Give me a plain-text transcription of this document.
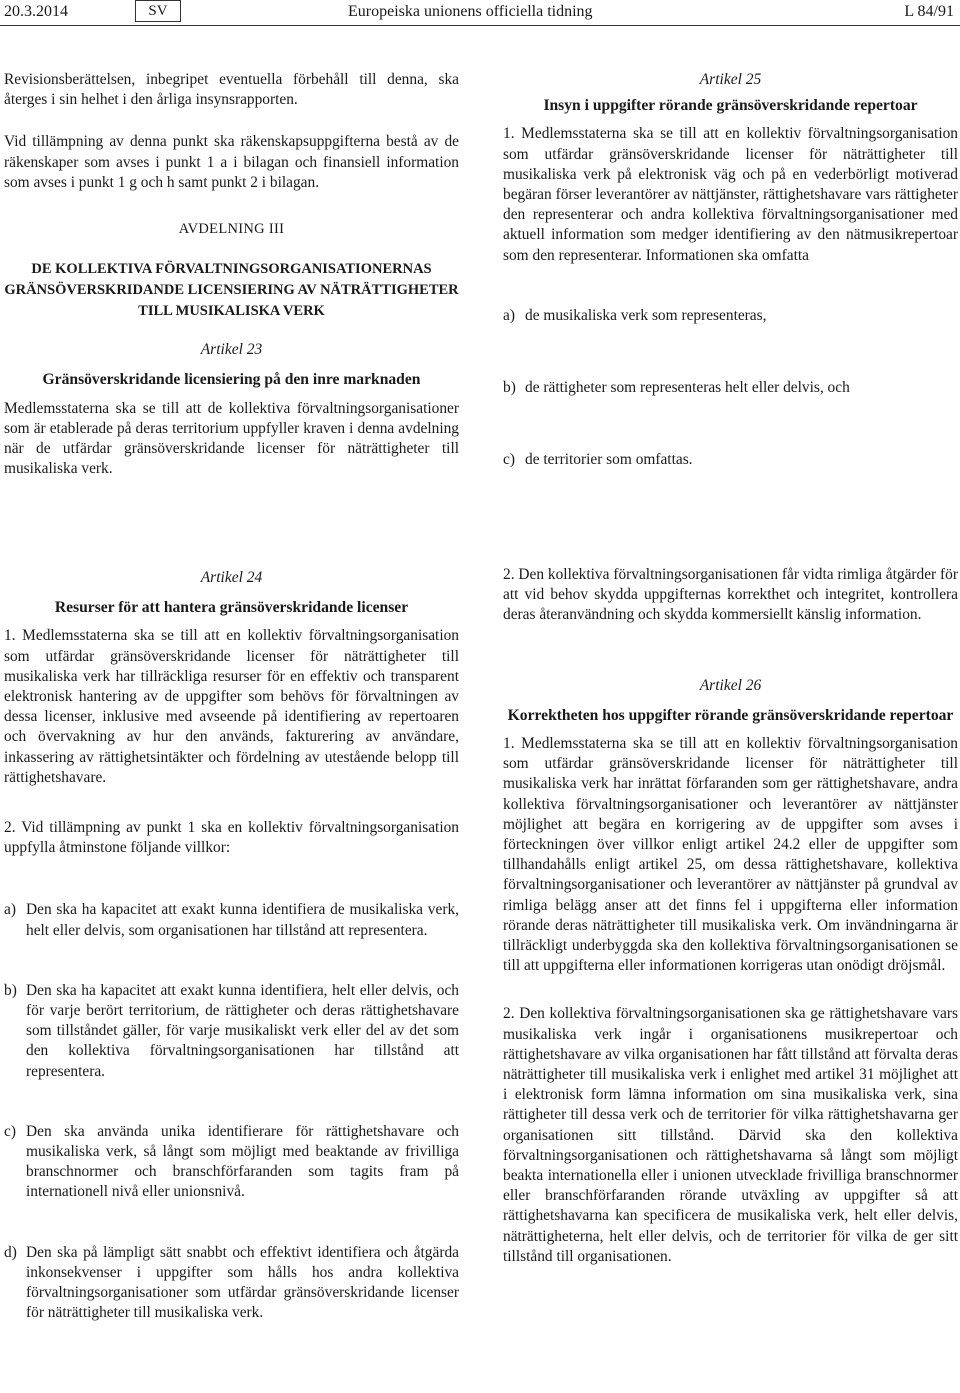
20.3.2014	SV	Europeiska unionens officiella tidning	L 84/91

Revisionsberättelsen, inbegripet eventuella förbehåll till denna, ska återges i sin helhet i den årliga insynsrapporten.

Vid tillämpning av denna punkt ska räkenskapsuppgifterna bestå av de räkenskaper som avses i punkt 1 a i bilagan och finansiell information som avses i punkt 1 g och h samt punkt 2 i bilagan.

AVDELNING III
DE KOLLEKTIVA FÖRVALTNINGSORGANISATIONERNAS GRÄNSÖVERSKRIDANDE LICENSIERING AV NÄTRÄTTIGHETER TILL MUSIKALISKA VERK
Artikel 23
Gränsöverskridande licensiering på den inre marknaden

Medlemsstaterna ska se till att de kollektiva förvaltningsorganisationer som är etablerade på deras territorium uppfyller kraven i denna avdelning när de utfärdar gränsöverskridande licenser för näträttigheter till musikaliska verk.

Artikel 25
Insyn i uppgifter rörande gränsöverskridande repertoar

1. Medlemsstaterna ska se till att en kollektiv förvaltningsorganisation som utfärdar gränsöverskridande licenser för näträttigheter till musikaliska verk på elektronisk väg och på en vederbörligt motiverad begäran förser leverantörer av nättjänster, rättighetshavare vars rättigheter den representerar och andra kollektiva förvaltningsorganisationer med aktuell information som medger identifiering av den nätmusikrepertoar som den representerar. Informationen ska omfatta

a) de musikaliska verk som representeras,
b) de rättigheter som representeras helt eller delvis, och
c) de territorier som omfattas.
Artikel 24
Resurser för att hantera gränsöverskridande licenser

1. Medlemsstaterna ska se till att en kollektiv förvaltningsorganisation som utfärdar gränsöverskridande licenser för näträttigheter till musikaliska verk har tillräckliga resurser för en effektiv och transparent elektronisk hantering av de uppgifter som behövs för förvaltningen av dessa licenser, inklusive med avseende på identifiering av repertoaren och övervakning av hur den används, fakturering av användare, inkassering av rättighetsintäkter och fördelning av utestående belopp till rättighetshavare.

2. Vid tillämpning av punkt 1 ska en kollektiv förvaltningsorganisation uppfylla åtminstone följande villkor:

a) Den ska ha kapacitet att exakt kunna identifiera de musikaliska verk, helt eller delvis, som organisationen har tillstånd att representera.
b) Den ska ha kapacitet att exakt kunna identifiera, helt eller delvis, och för varje berört territorium, de rättigheter och deras rättighetshavare som tillståndet gäller, för varje musikaliskt verk eller del av det som den kollektiva förvaltningsorganisationen har tillstånd att representera.
c) Den ska använda unika identifierare för rättighetshavare och musikaliska verk, så långt som möjligt med beaktande av frivilliga branschnormer och branschförfaranden som tagits fram på internationell nivå eller unionsnivå.
d) Den ska på lämpligt sätt snabbt och effektivt identifiera och åtgärda inkonsekvenser i uppgifter som hålls hos andra kollektiva förvaltningsorganisationer som utfärdar gränsöverskridande licenser för näträttigheter till musikaliska verk.

2. Den kollektiva förvaltningsorganisationen får vidta rimliga åtgärder för att vid behov skydda uppgifternas korrekthet och integritet, kontrollera deras återanvändning och skydda kommersiellt känslig information.

Artikel 26
Korrektheten hos uppgifter rörande gränsöverskridande repertoar

1. Medlemsstaterna ska se till att en kollektiv förvaltningsorganisation som utfärdar gränsöverskridande licenser för näträttigheter till musikaliska verk har inrättat förfaranden som ger rättighetshavare, andra kollektiva förvaltningsorganisationer och leverantörer av nättjänster möjlighet att begära en korrigering av de uppgifter som avses i förteckningen över villkor enligt artikel 24.2 eller de uppgifter som tillhandahålls enligt artikel 25, om dessa rättighetshavare, kollektiva förvaltningsorganisationer och leverantörer av nättjänster på grundval av rimliga belägg anser att det finns fel i uppgifterna eller information rörande deras näträttigheter till musikaliska verk. Om invändningarna är tillräckligt underbyggda ska den kollektiva förvaltningsorganisationen se till att uppgifterna eller informationen korrigeras utan onödigt dröjsmål.

2. Den kollektiva förvaltningsorganisationen ska ge rättighetshavare vars musikaliska verk ingår i organisationens musikrepertoar och rättighetshavare av vilka organisationen har fått tillstånd att förvalta deras näträttigheter till musikaliska verk i enlighet med artikel 31 möjlighet att i elektronisk form lämna information om sina musikaliska verk, sina rättigheter till dessa verk och de territorier för vilka rättighetshavarna ger organisationen sitt tillstånd. Därvid ska den kollektiva förvaltningsorganisationen och rättighetshavarna så långt som möjligt beakta internationella eller i unionen utvecklade frivilliga branschnormer eller branschförfaranden rörande utväxling av uppgifter så att rättighetshavarna kan specificera de musikaliska verk, helt eller delvis, näträttigheterna, helt eller delvis, och de territorier för vilka de ger sitt tillstånd till organisationen.
